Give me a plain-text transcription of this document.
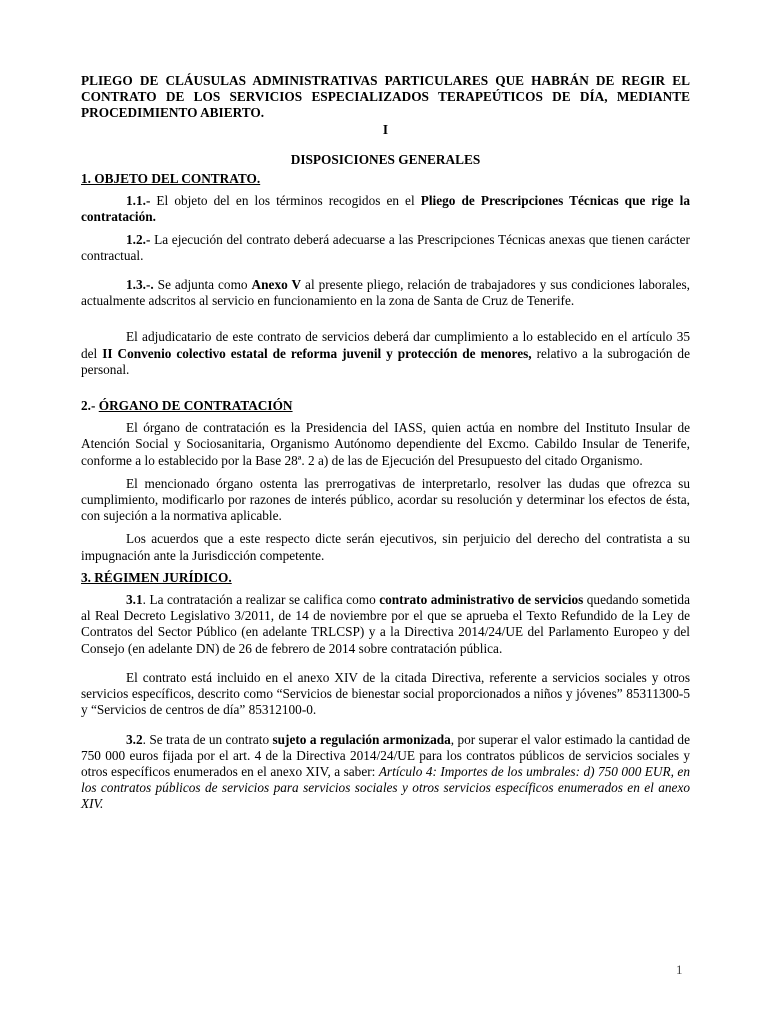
PLIEGO DE CLÁUSULAS ADMINISTRATIVAS PARTICULARES QUE HABRÁN DE REGIR EL CONTRATO DE LOS SERVICIOS ESPECIALIZADOS TERAPEÚTICOS DE DÍA, MEDIANTE PROCEDIMIENTO ABIERTO.

I
DISPOSICIONES GENERALES
1. OBJETO DEL CONTRATO.

1.1.- El objeto del en los términos recogidos en el Pliego de Prescripciones Técnicas que rige la contratación.

1.2.- La ejecución del contrato deberá adecuarse a las Prescripciones Técnicas anexas que tienen carácter contractual.

1.3.-. Se adjunta como Anexo V al presente pliego, relación de trabajadores y sus condiciones laborales, actualmente adscritos al servicio en funcionamiento en la zona de Santa de Cruz de Tenerife.

El adjudicatario de este contrato de servicios deberá dar cumplimiento a lo establecido en el artículo 35 del II Convenio colectivo estatal de reforma juvenil y protección de menores, relativo a la subrogación de personal.

2.- ÓRGANO DE CONTRATACIÓN

El órgano de contratación es la Presidencia del IASS, quien actúa en nombre del Instituto Insular de Atención Social y Sociosanitaria, Organismo Autónomo dependiente del Excmo. Cabildo Insular de Tenerife, conforme a lo establecido por la Base 28ª. 2 a) de las de Ejecución del Presupuesto del citado Organismo.

El mencionado órgano ostenta las prerrogativas de interpretarlo, resolver las dudas que ofrezca su cumplimiento, modificarlo por razones de interés público, acordar su resolución y determinar los efectos de ésta, con sujeción a la normativa aplicable.

Los acuerdos que a este respecto dicte serán ejecutivos, sin perjuicio del derecho del contratista a su impugnación ante la Jurisdicción competente.

3. RÉGIMEN JURÍDICO.

3.1. La contratación a realizar se califica como contrato administrativo de servicios quedando sometida al Real Decreto Legislativo 3/2011, de 14 de noviembre por el que se aprueba el Texto Refundido de la Ley de Contratos del Sector Público (en adelante TRLCSP) y a la Directiva 2014/24/UE del Parlamento Europeo y del Consejo (en adelante DN) de 26 de febrero de 2014 sobre contratación pública.

El contrato está incluido en el anexo XIV de la citada Directiva, referente a servicios sociales y otros servicios específicos, descrito como “Servicios de bienestar social proporcionados a niños y jóvenes” 85311300-5 y “Servicios de centros de día” 85312100-0.

3.2. Se trata de un contrato sujeto a regulación armonizada, por superar el valor estimado la cantidad de 750 000 euros fijada por el art. 4 de la Directiva 2014/24/UE para los contratos públicos de servicios sociales y otros específicos enumerados en el anexo XIV, a saber: Artículo 4: Importes de los umbrales: d) 750 000 EUR, en los contratos públicos de servicios para servicios sociales y otros servicios específicos enumerados en el anexo XIV.

1
